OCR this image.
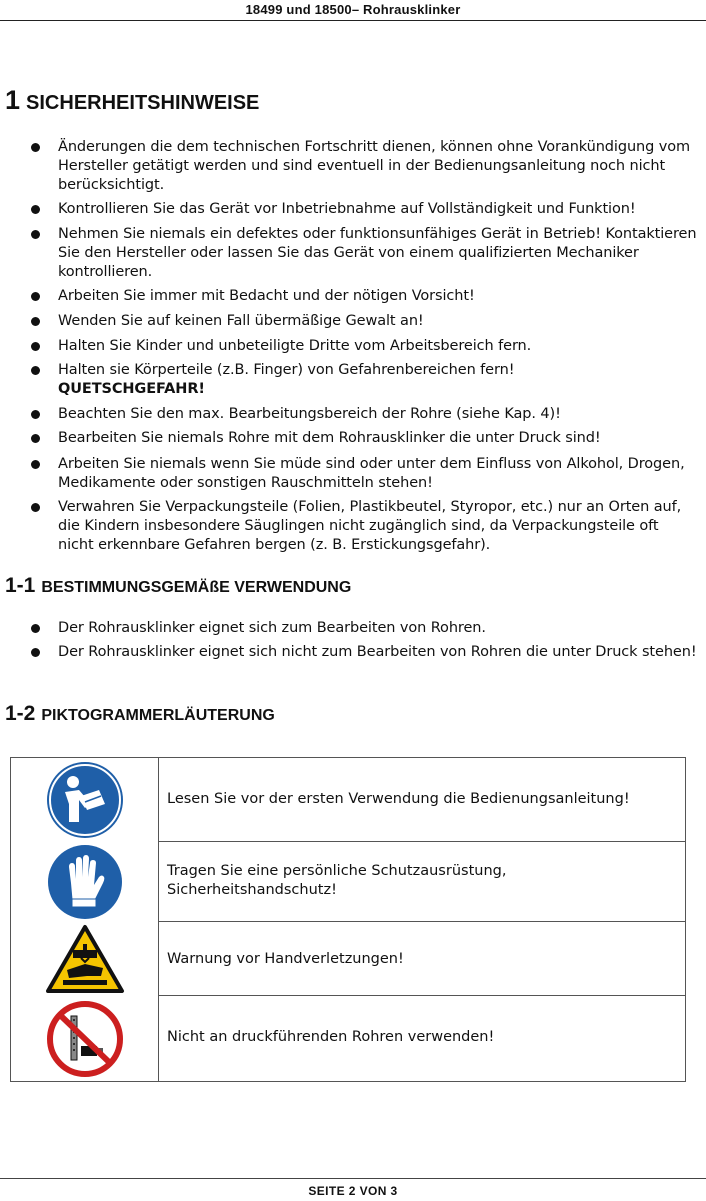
18499 und 18500– Rohrausklinker
1 SICHERHEITSHINWEISE
Änderungen die dem technischen Fortschritt dienen, können ohne Vorankündigung vom Hersteller getätigt werden und sind eventuell in der Bedienungsanleitung noch nicht berücksichtigt.
Kontrollieren Sie das Gerät vor Inbetriebnahme auf Vollständigkeit und Funktion!
Nehmen Sie niemals ein defektes oder funktionsunfähiges Gerät in Betrieb! Kontaktieren Sie den Hersteller oder lassen Sie das Gerät von einem qualifizierten Mechaniker kontrollieren.
Arbeiten Sie immer mit Bedacht und der nötigen Vorsicht!
Wenden Sie auf keinen Fall übermäßige Gewalt an!
Halten Sie Kinder und unbeteiligte Dritte vom Arbeitsbereich fern.
Halten sie Körperteile (z.B. Finger) von Gefahrenbereichen fern!
QUETSCHGEFAHR!
Beachten Sie den max. Bearbeitungsbereich der Rohre (siehe Kap. 4)!
Bearbeiten Sie niemals Rohre mit dem Rohrausklinker die unter Druck sind!
Arbeiten Sie niemals wenn Sie müde sind oder unter dem Einfluss von Alkohol, Drogen, Medikamente oder sonstigen Rauschmitteln stehen!
Verwahren Sie Verpackungsteile (Folien, Plastikbeutel, Styropor, etc.) nur an Orten auf, die Kindern insbesondere Säuglingen nicht zugänglich sind, da Verpackungsteile oft nicht erkennbare Gefahren bergen (z. B. Erstickungsgefahr).
1-1 BESTIMMUNGSGEMÄßE VERWENDUNG
Der Rohrausklinker eignet sich zum Bearbeiten von Rohren.
Der Rohrausklinker eignet sich nicht zum Bearbeiten von Rohren die unter Druck stehen!
1-2 PIKTOGRAMMERLÄUTERUNG
Lesen Sie vor der ersten Verwendung die Bedienungsanleitung!
Tragen Sie eine persönliche Schutzausrüstung, Sicherheitshandschutz!
Warnung vor Handverletzungen!
Nicht an druckführenden Rohren verwenden!
SEITE 2 VON 3
